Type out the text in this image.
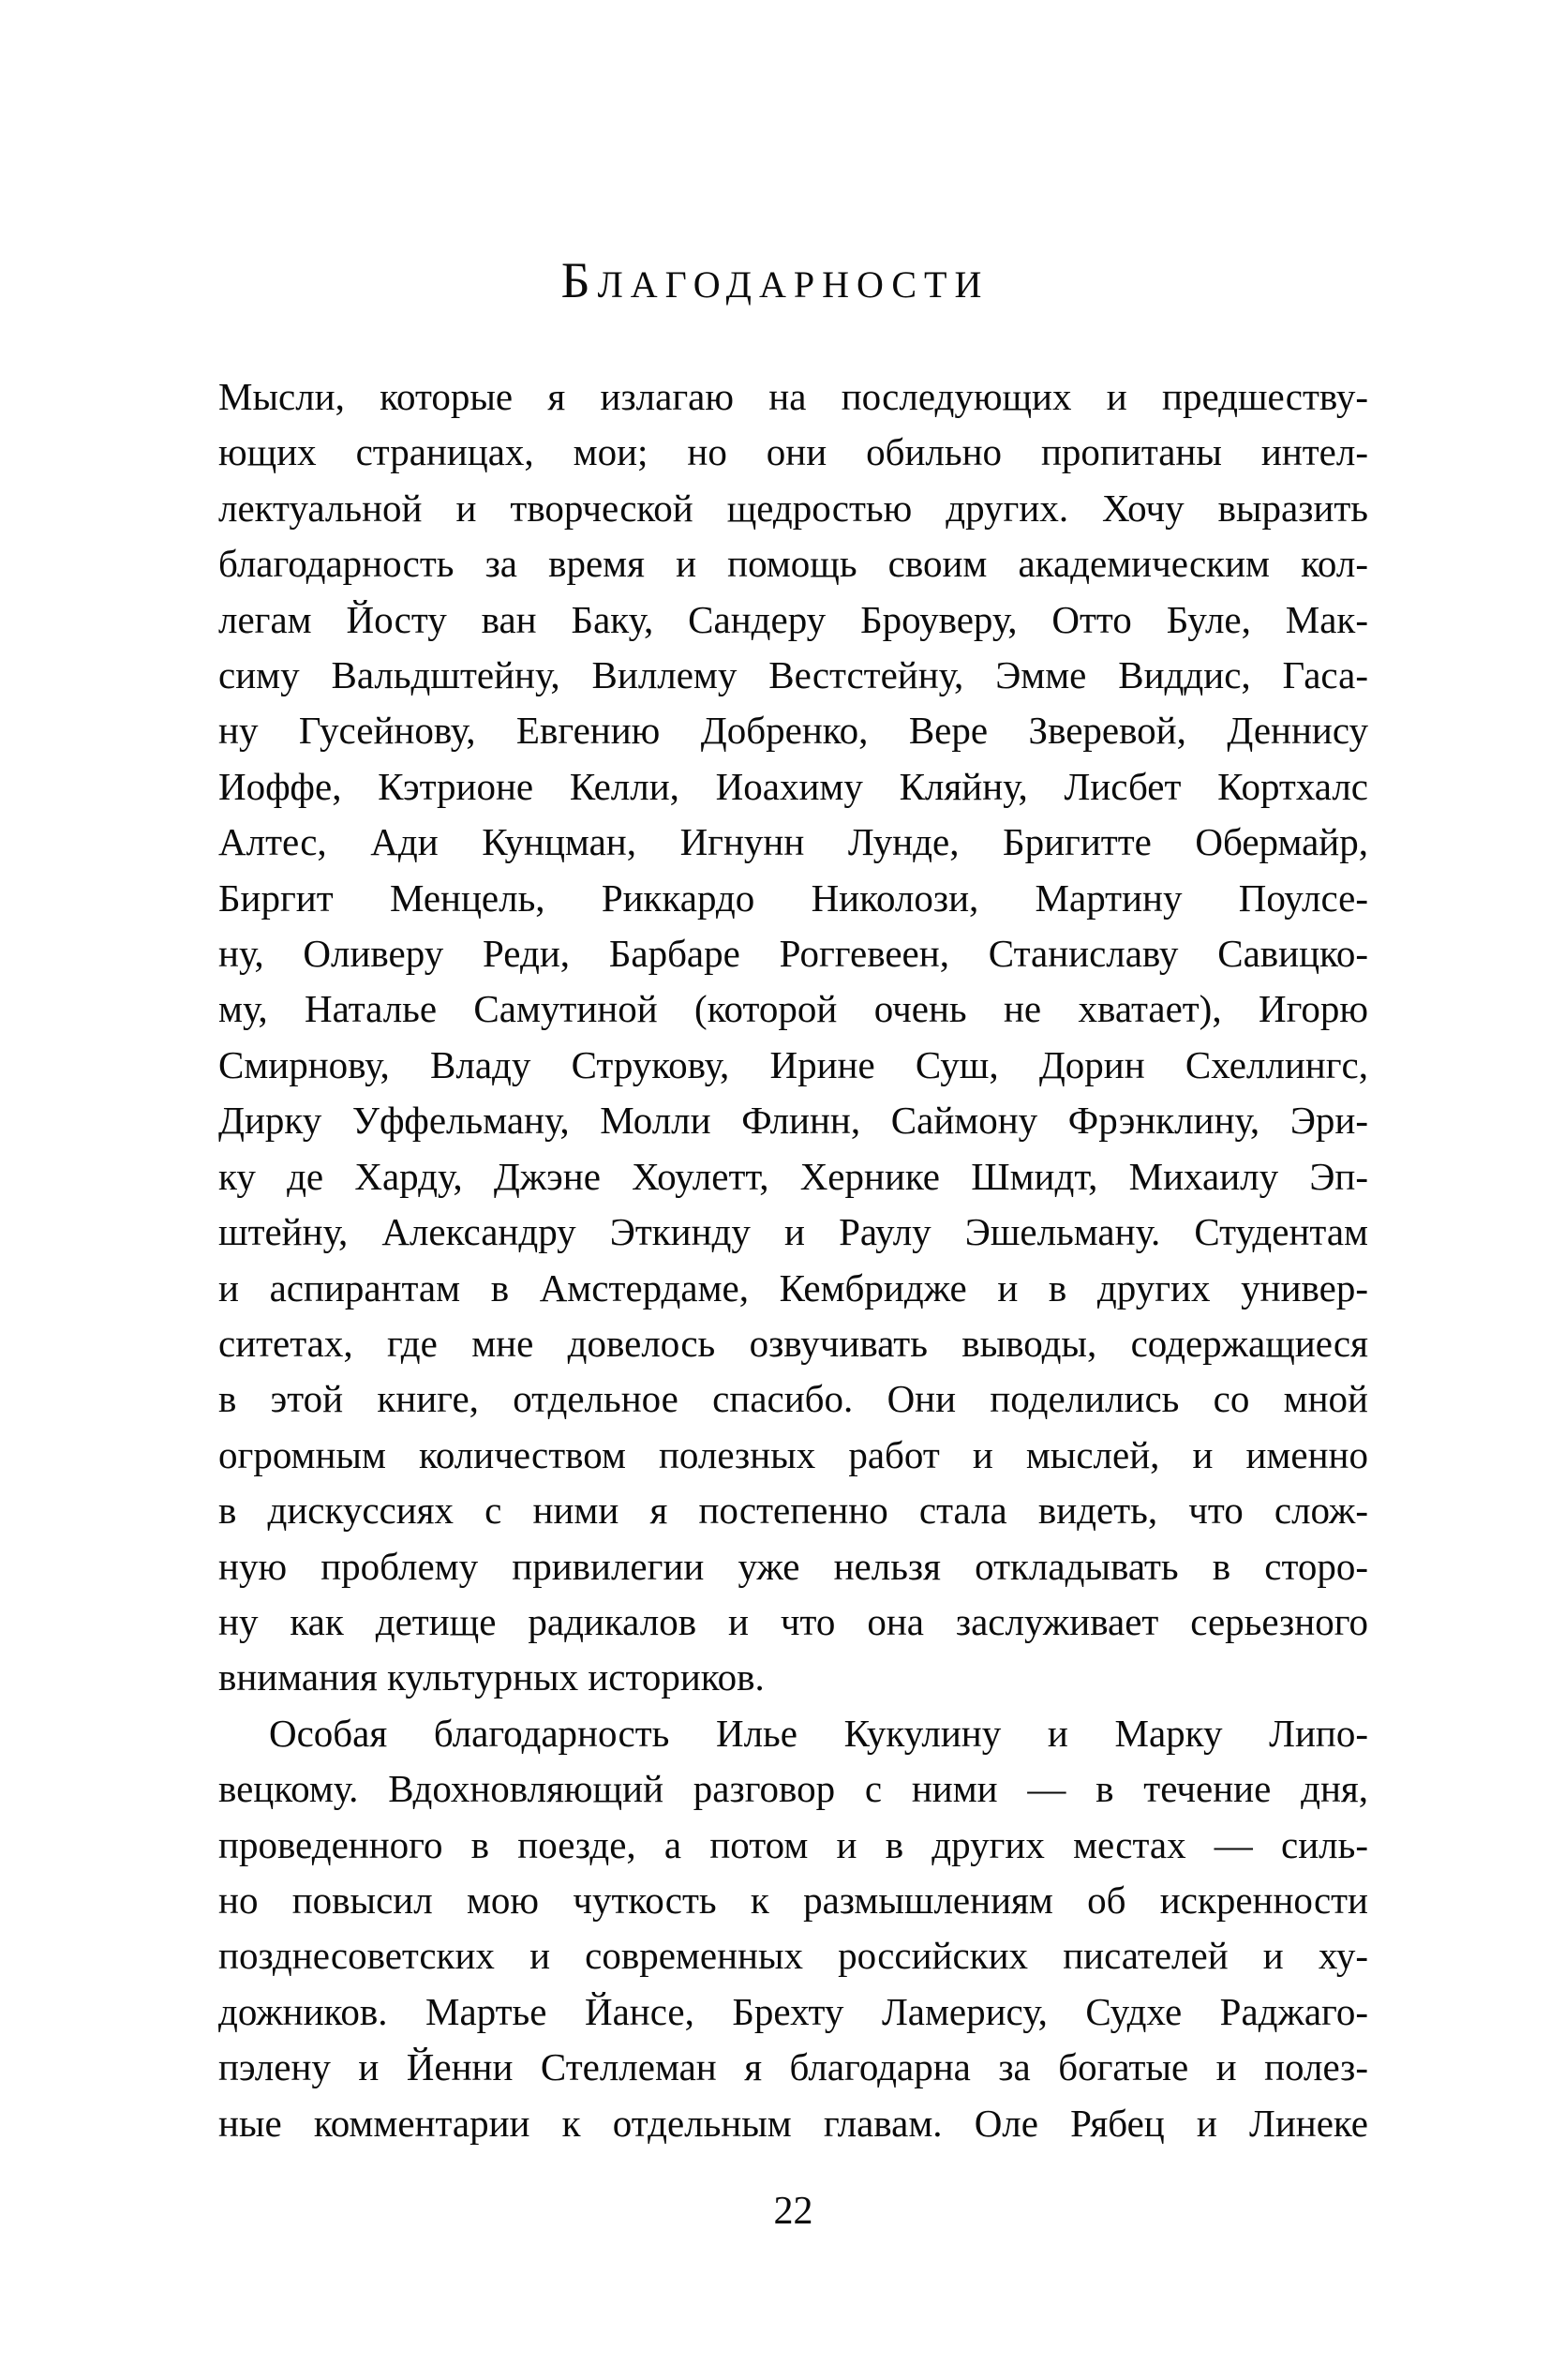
БЛАГОДАРНОСТИ
Мысли, которые я излагаю на последующих и предшеству-
ющих страницах, мои; но они обильно пропитаны интел-
лектуальной и творческой щедростью других. Хочу выразить
благодарность за время и помощь своим академическим кол-
легам Йосту ван Баку, Сандеру Броуверу, Отто Буле, Мак-
симу Вальдштейну, Виллему Вестстейну, Эмме Виддис, Гаса-
ну Гусейнову, Евгению Добренко, Вере Зверевой, Деннису
Иоффе, Кэтрионе Келли, Иоахиму Кляйну, Лисбет Кортхалс
Алтес, Ади Кунцман, Игнунн Лунде, Бригитте Обермайр,
Биргит Менцель, Риккардо Николози, Мартину Поулсе-
ну, Оливеру Реди, Барбаре Роггевеен, Станиславу Савицко-
му, Наталье Самутиной (которой очень не хватает), Игорю
Смирнову, Владу Струкову, Ирине Суш, Дорин Схеллингс,
Дирку Уффельману, Молли Флинн, Саймону Фрэнклину, Эри-
ку де Харду, Джэне Хоулетт, Хернике Шмидт, Михаилу Эп-
штейну, Александру Эткинду и Раулу Эшельману. Студентам
и аспирантам в Амстердаме, Кембридже и в других универ-
ситетах, где мне довелось озвучивать выводы, содержащиеся
в этой книге, отдельное спасибо. Они поделились со мной
огромным количеством полезных работ и мыслей, и именно
в дискуссиях с ними я постепенно стала видеть, что слож-
ную проблему привилегии уже нельзя откладывать в сторо-
ну как детище радикалов и что она заслуживает серьезного
внимания культурных историков.
Особая благодарность Илье Кукулину и Марку Липо-
вецкому. Вдохновляющий разговор с ними — в течение дня,
проведенного в поезде, а потом и в других местах — силь-
но повысил мою чуткость к размышлениям об искренности
позднесоветских и современных российских писателей и ху-
дожников. Мартье Йансе, Брехту Ламерису, Судхе Раджаго-
пэлену и Йенни Стеллеман я благодарна за богатые и полез-
ные комментарии к отдельным главам. Оле Рябец и Линеке
22
